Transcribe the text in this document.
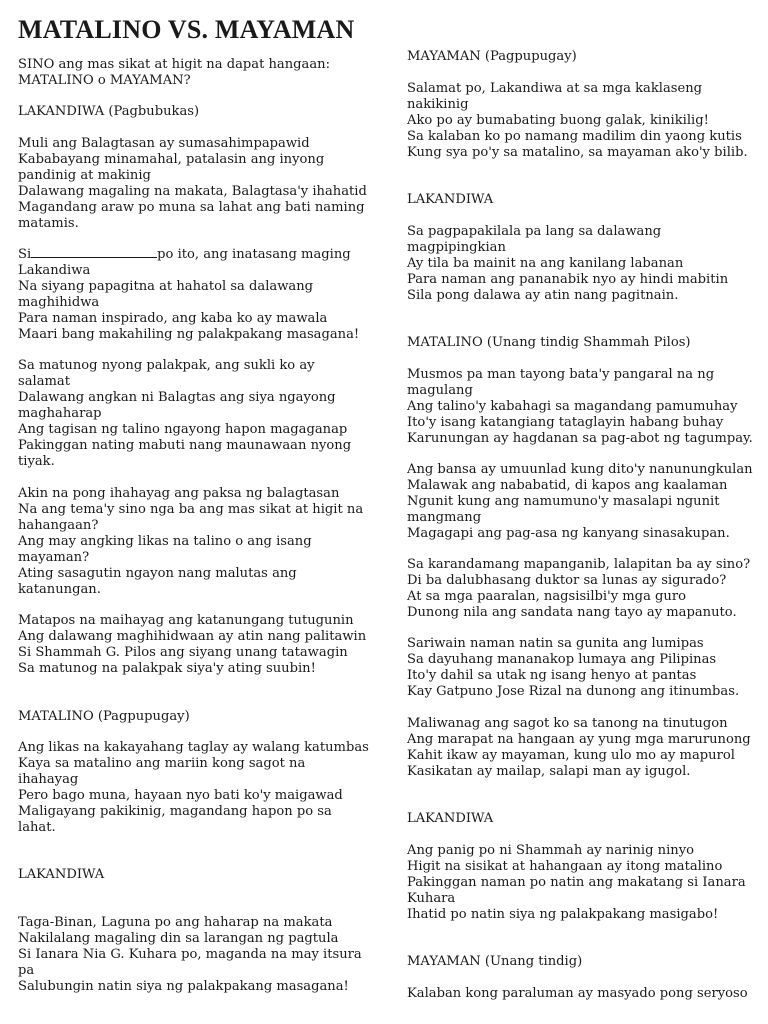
MATALINO VS. MAYAMAN
SINO ang mas sikat at higit na dapat hangaan:
MATALINO o MAYAMAN?
LAKANDIWA (Pagbubukas)
Muli ang Balagtasan ay sumasahimpapawid
Kababayang minamahal, patalasin ang inyong
pandinig at makinig
Dalawang magaling na makata, Balagtasa'y ihahatid
Magandang araw po muna sa lahat ang bati naming
matamis.
Si	po ito, ang inatasang maging
Lakandiwa
Na siyang papagitna at hahatol sa dalawang
maghihidwa
Para naman inspirado, ang kaba ko ay mawala
Maari bang makahiling ng palakpakang masagana!
Sa matunog nyong palakpak, ang sukli ko ay
salamat
Dalawang angkan ni Balagtas ang siya ngayong
maghaharap
Ang tagisan ng talino ngayong hapon magaganap
Pakinggan nating mabuti nang maunawaan nyong
tiyak.
Akin na pong ihahayag ang paksa ng balagtasan
Na ang tema'y sino nga ba ang mas sikat at higit na
hahangaan?
Ang may angking likas na talino o ang isang
mayaman?
Ating sasagutin ngayon nang malutas ang
katanungan.
Matapos na maihayag ang katanungang tutugunin
Ang dalawang maghihidwaan ay atin nang palitawin
Si Shammah G. Pilos ang siyang unang tatawagin
Sa matunog na palakpak siya'y ating suubin!
MATALINO (Pagpupugay)
Ang likas na kakayahang taglay ay walang katumbas
Kaya sa matalino ang mariin kong sagot na
ihahayag
Pero bago muna, hayaan nyo bati ko'y maigawad
Maligayang pakikinig, magandang hapon po sa
lahat.
LAKANDIWA
Taga-Binan, Laguna po ang haharap na makata
Nakilalang magaling din sa larangan ng pagtula
Si Ianara Nia G. Kuhara po, maganda na may itsura
pa
Salubungin natin siya ng palakpakang masagana!
MAYAMAN (Pagpupugay)
Salamat po, Lakandiwa at sa mga kaklaseng
nakikinig
Ako po ay bumabating buong galak, kinikilig!
Sa kalaban ko po namang madilim din yaong kutis
Kung sya po'y sa matalino, sa mayaman ako'y bilib.
LAKANDIWA
Sa pagpapakilala pa lang sa dalawang
magpipingkian
Ay tila ba mainit na ang kanilang labanan
Para naman ang pananabik nyo ay hindi mabitin
Sila pong dalawa ay atin nang pagitnain.
MATALINO (Unang tindig Shammah Pilos)
Musmos pa man tayong bata'y pangaral na ng
magulang
Ang talino'y kabahagi sa magandang pamumuhay
Ito'y isang katangiang tataglayin habang buhay
Karunungan ay hagdanan sa pag-abot ng tagumpay.
Ang bansa ay umuunlad kung dito'y nanunungkulan
Malawak ang nababatid, di kapos ang kaalaman
Ngunit kung ang namumuno'y masalapi ngunit
mangmang
Magagapi ang pag-asa ng kanyang sinasakupan.
Sa karandamang mapanganib, lalapitan ba ay sino?
Di ba dalubhasang duktor sa lunas ay sigurado?
At sa mga paaralan, nagsisilbi'y mga guro
Dunong nila ang sandata nang tayo ay mapanuto.
Sariwain naman natin sa gunita ang lumipas
Sa dayuhang mananakop lumaya ang Pilipinas
Ito'y dahil sa utak ng isang henyo at pantas
Kay Gatpuno Jose Rizal na dunong ang itinumbas.
Maliwanag ang sagot ko sa tanong na tinutugon
Ang marapat na hangaan ay yung mga marurunong
Kahit ikaw ay mayaman, kung ulo mo ay mapurol
Kasikatan ay mailap, salapi man ay igugol.
LAKANDIWA
Ang panig po ni Shammah ay narinig ninyo
Higit na sisikat at hahangaan ay itong matalino
Pakinggan naman po natin ang makatang si Ianara
Kuhara
Ihatid po natin siya ng palakpakang masigabo!
MAYAMAN (Unang tindig)
Kalaban kong paraluman ay masyado pong seryoso
